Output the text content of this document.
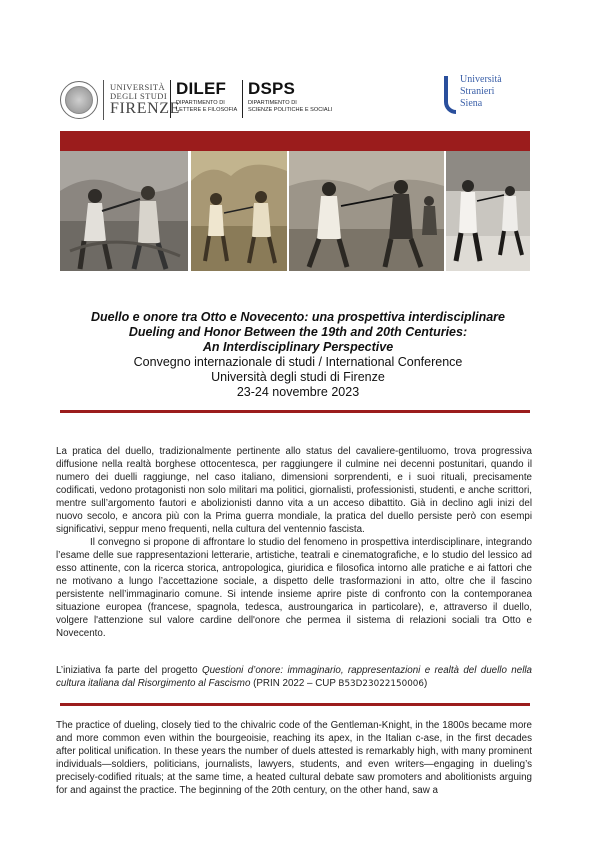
UNIVERSITÀ
DEGLI STUDI
FIRENZE
DILEF
DIPARTIMENTO DI
LETTERE E FILOSOFIA
DSPS
DIPARTIMENTO DI
SCIENZE POLITICHE E SOCIALI
Università
Stranieri
Siena
Duello e onore tra Otto e Novecento: una prospettiva interdisciplinare
Dueling and Honor Between the 19th and 20th Centuries:
An Interdisciplinary Perspective
Convegno internazionale di studi / International Conference
Università degli studi di Firenze
23-24 novembre 2023

La pratica del duello, tradizionalmente pertinente allo status del cavaliere-gentiluomo, trova progressiva diffusione nella realtà borghese ottocentesca, per raggiungere il culmine nei decenni postunitari, quando il numero dei duelli raggiunge, nel caso italiano, dimensioni sorprendenti, e i suoi rituali, precisamente codificati, vedono protagonisti non solo militari ma politici, giornalisti, professionisti, studenti, e anche scrittori, mentre sull’argomento fautori e abolizionisti danno vita a un acceso dibattito. Già in declino agli inizi del nuovo secolo, e ancora più con la Prima guerra mondiale, la pratica del duello persiste però con esempi significativi, seppur meno frequenti, nella cultura del ventennio fascista.

Il convegno si propone di affrontare lo studio del fenomeno in prospettiva interdisciplinare, integrando l’esame delle sue rappresentazioni letterarie, artistiche, teatrali e cinematografiche, e lo studio del lessico ad esso attinente, con la ricerca storica, antropologica, giuridica e filosofica intorno alle pratiche e ai fattori che ne motivano a lungo l’accettazione sociale, a dispetto delle trasformazioni in atto, oltre che il fascino persistente nell’immaginario comune. Si intende insieme aprire piste di confronto con la contemporanea situazione europea (francese, spagnola, tedesca, austroungarica in particolare), e, attraverso il duello, volgere l'attenzione sul valore cardine dell'onore che permea il sistema di relazioni sociali tra Otto e Novecento.

L’iniziativa fa parte del progetto Questioni d’onore: immaginario, rappresentazioni e realtà del duello nella cultura italiana dal Risorgimento al Fascismo (PRIN 2022 – CUP B53D23022150006)

The practice of dueling, closely tied to the chivalric code of the Gentleman-Knight, in the 1800s became more and more common even within the bourgeoisie, reaching its apex, in the Italian c-ase, in the first decades after political unification. In these years the number of duels attested is remarkably high, with many prominent individuals—soldiers, politicians, journalists, lawyers, students, and even writers—engaging in dueling’s precisely-codified rituals; at the same time, a heated cultural debate saw promoters and abolitionists arguing for and against the practice. The beginning of the 20th century, on the other hand, saw a
